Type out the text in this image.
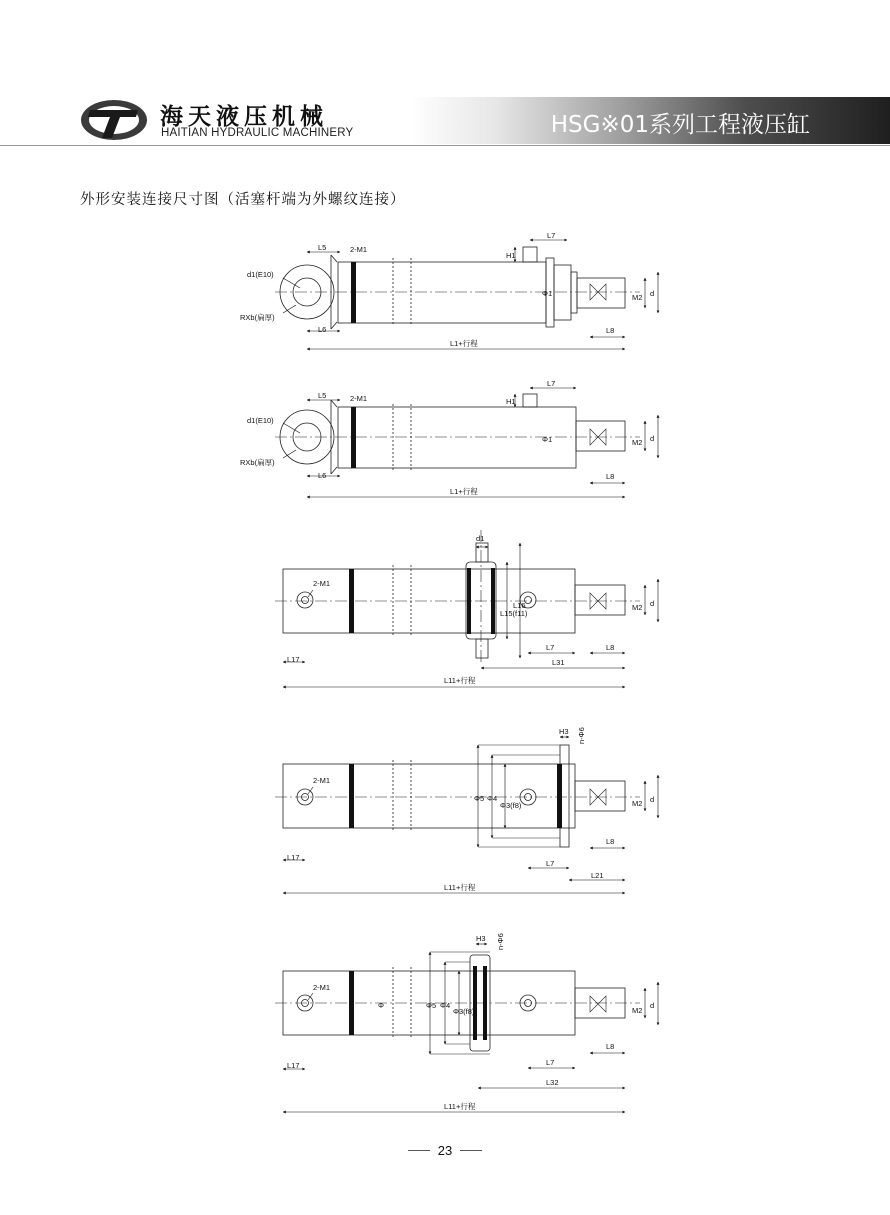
海天液压机械
HAITIAN HYDRAULIC MACHINERY	HSG※01系列工程液压缸
外形安装连接尺寸图（活塞杆端为外螺纹连接）
L5	2-M1
L7
H1
d1(E10)
Φ1	M2 d
RXb(扁厚)
L6	L8
L1+行程
L5	2-M1
L7
H1
d1(E10)
Φ1	M2 d
RXb(扁厚)
L6	L8
L1+行程
2-M1
d1
L15(f11)
L16	M2 d
L17
L7	L8
L31
L11+行程
H3 n-Φ6
2-M1
Φ5 Φ4
Φ3(f8)	M2 d
L8
L17
L7
L21
L11+行程
H3 n-Φ6
2-M1
Φ	Φ5 Φ4
Φ3(f8)	M2
d
L8
L17	L7
L32
L11+行程
23
